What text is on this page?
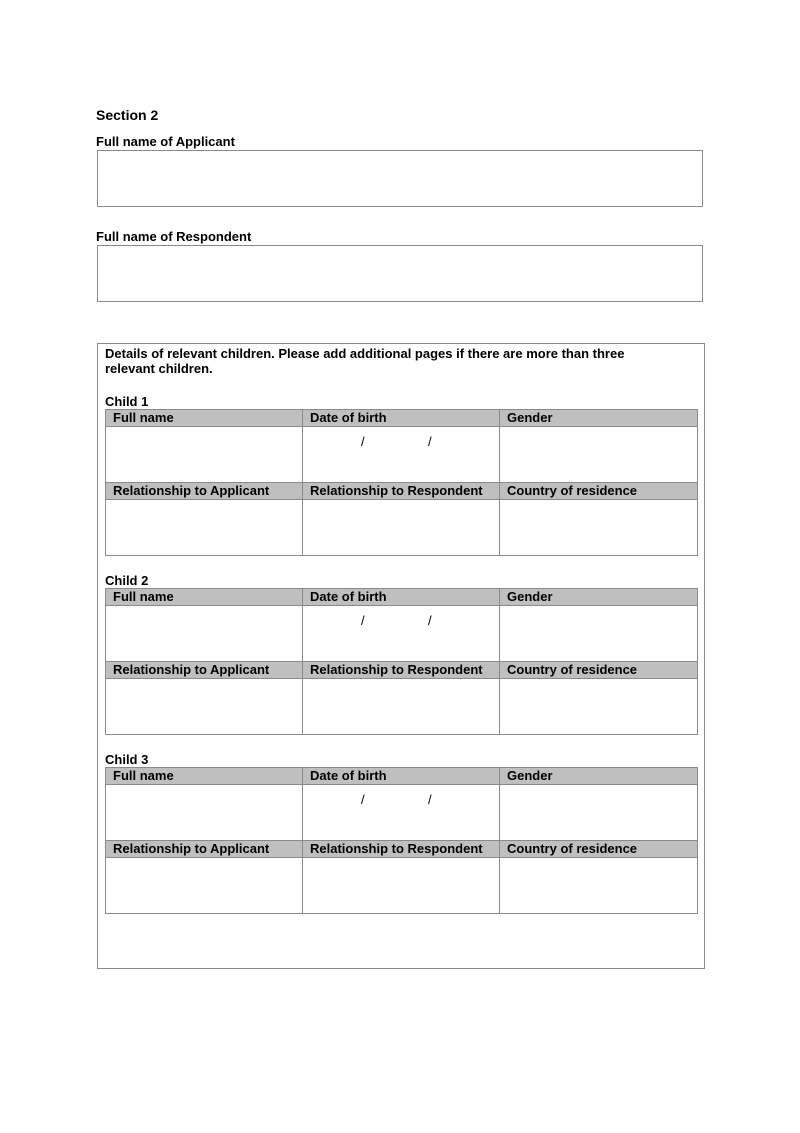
Section 2
Full name of Applicant
Full name of Respondent
Details of relevant children. Please add additional pages if there are more than three relevant children.
Child 1
Full name	Date of birth	Gender

	/ /	

Relationship to Applicant	Relationship to Respondent	Country of residence

Child 2
Full name	Date of birth	Gender

	/ /	

Relationship to Applicant	Relationship to Respondent	Country of residence

Child 3
Full name	Date of birth	Gender

	/ /	

Relationship to Applicant	Relationship to Respondent	Country of residence
